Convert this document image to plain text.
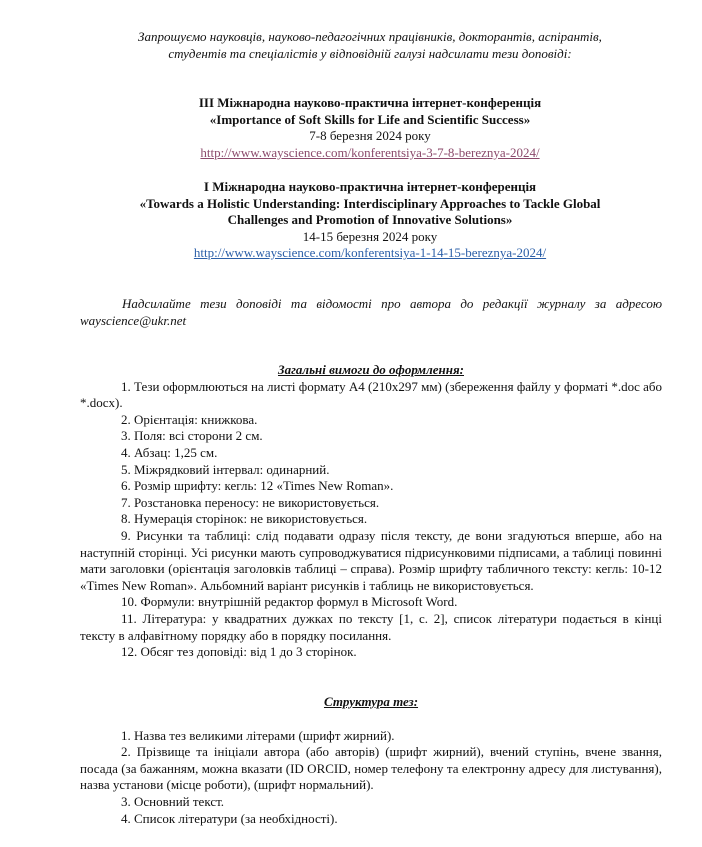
Запрошуємо науковців, науково-педагогічних працівників, докторантів, аспірантів,
студентів та спеціалістів у відповідній галузі надсилати тези доповіді:
ІІІ Міжнародна науково-практична інтернет-конференція
«Importance of Soft Skills for Life and Scientific Success»
7-8 березня 2024 року
http://www.wayscience.com/konferentsiya-3-7-8-bereznya-2024/
І Міжнародна науково-практична інтернет-конференція
«Towards a Holistic Understanding: Interdisciplinary Approaches to Tackle Global
Challenges and Promotion of Innovative Solutions»
14-15 березня 2024 року
http://www.wayscience.com/konferentsiya-1-14-15-bereznya-2024/
Надсилайте тези доповіді та відомості про автора до редакції журналу за адресою wayscience@ukr.net
Загальні вимоги до оформлення:
1. Тези оформлюються на листі формату А4 (210x297 мм) (збереження файлу у форматі *.doc або *.docx).
2. Орієнтація: книжкова.
3. Поля: всі сторони 2 см.
4. Абзац: 1,25 см.
5. Міжрядковий інтервал: одинарний.
6. Розмір шрифту: кегль: 12 «Times New Roman».
7. Розстановка переносу: не використовується.
8. Нумерація сторінок: не використовується.
9. Рисунки та таблиці: слід подавати одразу після тексту, де вони згадуються вперше, або на наступній сторінці. Усі рисунки мають супроводжуватися підрисунковими підписами, а таблиці повинні мати заголовки (орієнтація заголовків таблиці – справа). Розмір шрифту табличного тексту: кегль: 10-12 «Times New Roman». Альбомний варіант рисунків і таблиць не використовується.
10. Формули: внутрішній редактор формул в Microsoft Word.
11. Література: у квадратних дужках по тексту [1, с. 2], список літератури подається в кінці тексту в алфавітному порядку або в порядку посилання.
12. Обсяг тез доповіді: від 1 до 3 сторінок.
Структура тез:
1. Назва тез великими літерами (шрифт жирний).
2. Прізвище та ініціали автора (або авторів) (шрифт жирний), вчений ступінь, вчене звання, посада (за бажанням, можна вказати (ID ORCID, номер телефону та електронну адресу для листування), назва установи (місце роботи), (шрифт нормальний).
3. Основний текст.
4. Список літератури (за необхідності).
